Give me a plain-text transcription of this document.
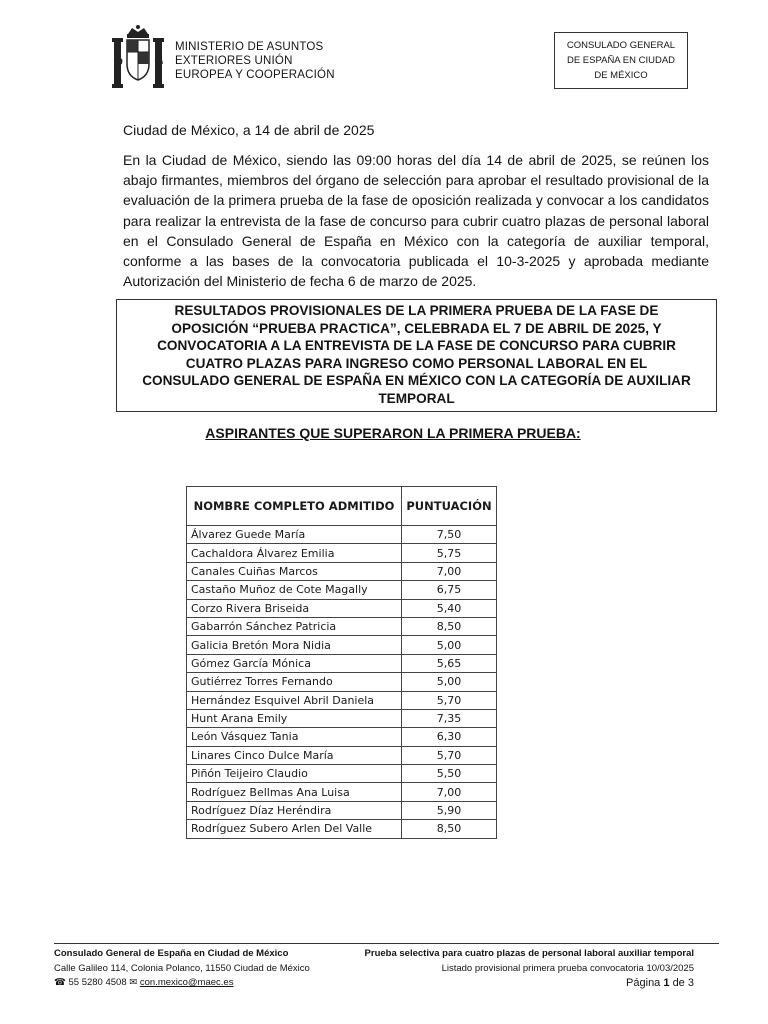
MINISTERIO DE ASUNTOS
EXTERIORES UNIÓN
EUROPEA Y COOPERACIÓN
CONSULADO GENERAL
DE ESPAÑA EN CIUDAD
DE MÉXICO
Ciudad de México, a 14 de abril de 2025
En la Ciudad de México, siendo las 09:00 horas del día 14 de abril de 2025, se reúnen los abajo firmantes, miembros del órgano de selección para aprobar el resultado provisional de la evaluación de la primera prueba de la fase de oposición realizada y convocar a los candidatos para realizar la entrevista de la fase de concurso para cubrir cuatro plazas de personal laboral en el Consulado General de España en México con la categoría de auxiliar temporal, conforme a las bases de la convocatoria publicada el 10-3-2025 y aprobada mediante Autorización del Ministerio de fecha 6 de marzo de 2025.
RESULTADOS PROVISIONALES DE LA PRIMERA PRUEBA DE LA FASE DE
OPOSICIÓN “PRUEBA PRACTICA”, CELEBRADA EL 7 DE ABRIL DE 2025, Y
CONVOCATORIA A LA ENTREVISTA DE LA FASE DE CONCURSO PARA CUBRIR
CUATRO PLAZAS PARA INGRESO COMO PERSONAL LABORAL EN EL
CONSULADO GENERAL DE ESPAÑA EN MÉXICO CON LA CATEGORÍA DE AUXILIAR
TEMPORAL
ASPIRANTES QUE SUPERARON LA PRIMERA PRUEBA:
NOMBRE COMPLETO ADMITIDO	PUNTUACIÓN
Álvarez Guede María	7,50
Cachaldora Álvarez Emilia	5,75
Canales Cuiñas Marcos	7,00
Castaño Muñoz de Cote Magally	6,75
Corzo Rivera Briseida	5,40
Gabarrón Sánchez Patricia	8,50
Galicia Bretón Mora Nidia	5,00
Gómez García Mónica	5,65
Gutiérrez Torres Fernando	5,00
Hernández Esquivel Abril Daniela	5,70
Hunt Arana Emily	7,35
León Vásquez Tania	6,30
Linares Cinco Dulce María	5,70
Piñón Teijeiro Claudio	5,50
Rodríguez Bellmas Ana Luisa	7,00
Rodríguez Díaz Heréndira	5,90
Rodríguez Subero Arlen Del Valle	8,50
Consulado General de España en Ciudad de México
Calle Galileo 114, Colonia Polanco, 11550 Ciudad de México
☎ 55 5280 4508 ✉ con.mexico@maec.es
Prueba selectiva para cuatro plazas de personal laboral auxiliar temporal
Listado provisional primera prueba convocatoria 10/03/2025
Página 1 de 3
